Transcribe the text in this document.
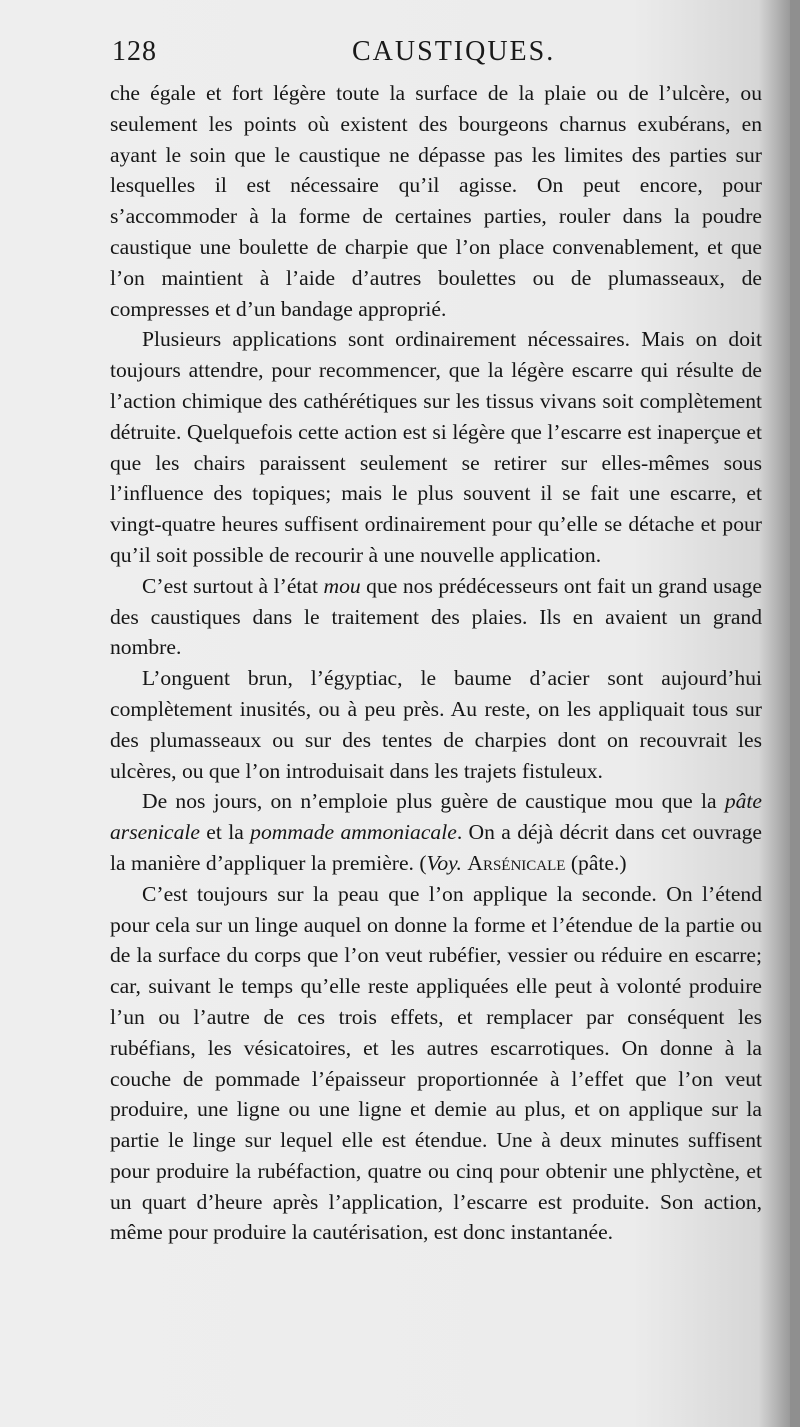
128	CAUSTIQUES.

che égale et fort légère toute la surface de la plaie ou de l’ulcère, ou seulement les points où existent des bourgeons charnus exubérans, en ayant le soin que le caustique ne dépasse pas les limites des parties sur lesquelles il est nécessaire qu’il agisse. On peut encore, pour s’accommoder à la forme de certaines parties, rouler dans la poudre caustique une boulette de charpie que l’on place convenablement, et que l’on maintient à l’aide d’autres boulettes ou de plumasseaux, de compresses et d’un bandage approprié.

Plusieurs applications sont ordinairement nécessaires. Mais on doit toujours attendre, pour recommencer, que la légère escarre qui résulte de l’action chimique des cathérétiques sur les tissus vivans soit complètement détruite. Quelquefois cette action est si légère que l’escarre est inaperçue et que les chairs paraissent seulement se retirer sur elles-mêmes sous l’influence des topiques; mais le plus souvent il se fait une escarre, et vingt-quatre heures suffisent ordinairement pour qu’elle se détache et pour qu’il soit possible de recourir à une nouvelle application.

C’est surtout à l’état mou que nos prédécesseurs ont fait un grand usage des caustiques dans le traitement des plaies. Ils en avaient un grand nombre.

L’onguent brun, l’égyptiac, le baume d’acier sont aujourd’hui complètement inusités, ou à peu près. Au reste, on les appliquait tous sur des plumasseaux ou sur des tentes de charpies dont on recouvrait les ulcères, ou que l’on introduisait dans les trajets fistuleux.

De nos jours, on n’emploie plus guère de caustique mou que la pâte arsenicale et la pommade ammoniacale. On a déjà décrit dans cet ouvrage la manière d’appliquer la première. (Voy. Arsénicale (pâte.)

C’est toujours sur la peau que l’on applique la seconde. On l’étend pour cela sur un linge auquel on donne la forme et l’étendue de la partie ou de la surface du corps que l’on veut rubéfier, vessier ou réduire en escarre; car, suivant le temps qu’elle reste appliquées elle peut à volonté produire l’un ou l’autre de ces trois effets, et remplacer par conséquent les rubéfians, les vésicatoires, et les autres escarrotiques. On donne à la couche de pommade l’épaisseur proportionnée à l’effet que l’on veut produire, une ligne ou une ligne et demie au plus, et on applique sur la partie le linge sur lequel elle est étendue. Une à deux minutes suffisent pour produire la rubéfaction, quatre ou cinq pour obtenir une phlyctène, et un quart d’heure après l’application, l’escarre est produite. Son action, même pour produire la cautérisation, est donc instantanée.
